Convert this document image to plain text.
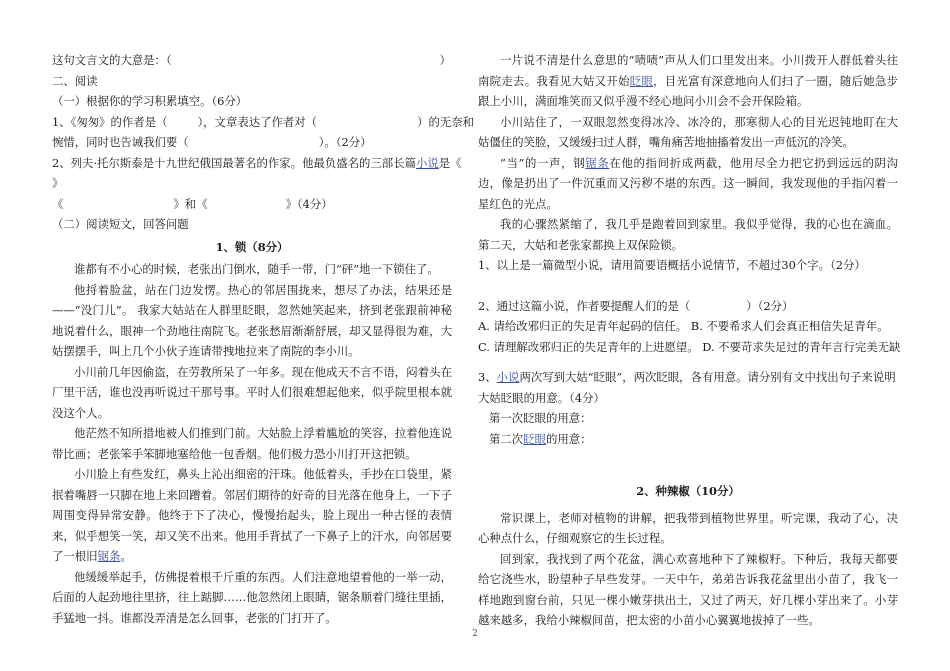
这句文言文的大意是：（	）
二、阅读
（一）根据你的学习积累填空。（6分）
1、《匆匆》的作者是（	），文章表达了作者对（	）的无奈和
惋惜，同时也告诫我们要（	）。（2分）
2、列夫·托尔斯泰是十九世纪俄国最著名的作家。他最负盛名的三部长篇小说是《
》
《	》和《	》（4分）
（二）阅读短文，回答问题
1、锁（8分）
谁都有不小心的时候，老张出门倒水，随手一带，门“砰”地一下锁住了。
他捋着脸盆，站在门边发愣。热心的邻居围拢来，想尽了办法，结果还是——“没门儿”。 我家大姑站在人群里眨眼，忽然她笑起来，挤到老张跟前神秘地说着什么，眼神一个劲地往南院飞。老张愁眉渐渐舒展，却又显得很为难，大姑摆摆手，叫上几个小伙子连请带拽地拉来了南院的李小川。
小川前几年因偷盗，在劳教所呆了一年多。现在他成天不言不语，闷着头在厂里干活，谁也没再听说过干那号事。平时人们很难想起他来，似乎院里根本就没这个人。
他茫然不知所措地被人们推到门前。大姑脸上浮着尴尬的笑容，拉着他连说带比画；老张笨手笨脚地塞给他一包香烟。他们极力恐小川打开这把锁。
小川脸上有些发红，鼻头上沁出细密的汗珠。他低着头，手抄在口袋里，紧抿着嘴唇一只脚在地上来回蹭着。邻居们期待的好奇的目光落在他身上，一下子周围变得异常安静。他终于下了决心，慢慢抬起头，脸上现出一种古怪的表情来，似乎想笑一笑，却又笑不出来。他用手背拭了一下鼻子上的汗水，向邻居要了一根旧锯条。
他缓缓举起手，仿佛提着根千斤重的东西。人们注意地望着他的一举一动，后面的人起劲地往里挤，往上踮脚……他忽然闭上眼睛，锯条顺着门缝往里插，手猛地一抖。谁都没弄清是怎么回事，老张的门打开了。
一片说不清是什么意思的“啧啧”声从人们口里发出来。小川拨开人群低着头往南院走去。我看见大姑又开始眨眼，目光富有深意地向人们扫了一圈，随后她急步跟上小川，满面堆笑而又似乎漫不经心地问小川会不会开保险箱。
小川站住了，一双眼忽然变得冰冷、冰冷的，那寒彻人心的目光迟钝地盯在大姑僵住的笑脸，又缓缓扫过人群，嘴角痛苦地抽搐着发出一声低沉的冷笑。
“当”的一声，钢锯条在他的指间折成两截，他用尽全力把它扔到远远的阴沟边，像是扔出了一件沉重而又污秽不堪的东西。这一瞬间，我发现他的手指闪着一星红色的光点。
我的心骤然紧缩了，我几乎是跑着回到家里。我似乎觉得，我的心也在滴血。 第二天，大姑和老张家都换上双保险锁。
1、以上是一篇微型小说，请用简要语概括小说情节，不超过30个字。（2分）
2、通过这篇小说，作者要提醒人们的是（	）（2分）
A. 请给改邪归正的失足青年起码的信任。 B. 不要希求人们会真正相信失足青年。
C. 请理解改邪归正的失足青年的上进愿望。 D. 不要苛求失足过的青年言行完美无缺
3、小说两次写到大姑“眨眼”，两次眨眼，各有用意。请分别有文中找出句子来说明大姑眨眼的用意。（4分）
第一次眨眼的用意：
第二次眨眼的用意：
2、种辣椒（10分）
常识课上，老师对植物的讲解，把我带到植物世界里。听完课，我动了心，决心种点什么，仔细观察它的生长过程。
回到家，我找到了两个花盆，满心欢喜地种下了辣椒籽。下种后，我每天都要给它浇些水，盼望种子早些发芽。一天中午，弟弟告诉我花盆里出小苗了，我飞一样地跑到窗台前，只见一棵小嫩芽拱出土，又过了两天，好几棵小芽出来了。小芽越来越多，我给小辣椒间苗，把太密的小苗小心翼翼地拔掉了一些。
2
